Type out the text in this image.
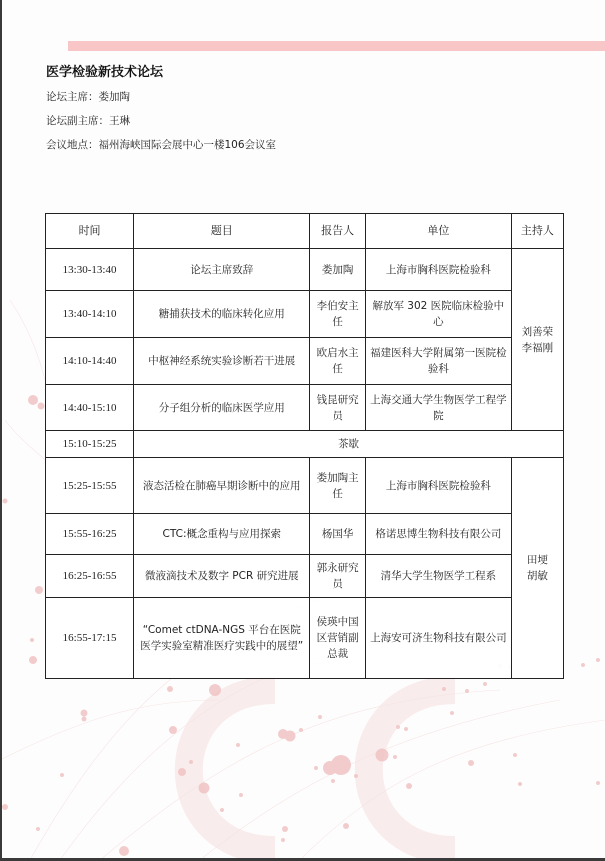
医学检验新技术论坛
论坛主席：娄加陶
论坛副主席：王琳
会议地点：福州海峡国际会展中心一楼106会议室
时间	题目	报告人	单位	主持人
13:30-13:40	论坛主席致辞	娄加陶	上海市胸科医院检验科	刘善荣 李福刚
13:40-14:10	糖捕获技术的临床转化应用	李伯安主任	解放军 302 医院临床检验中心	
14:10-14:40	中枢神经系统实验诊断若干进展	欧启水主任	福建医科大学附属第一医院检验科	
14:40-15:10	分子组分析的临床医学应用	钱昆研究员	上海交通大学生物医学工程学院	
15:10-15:25	茶歇			
15:25-15:55	液态活检在肺癌早期诊断中的应用	娄加陶主任	上海市胸科医院检验科	田埂 胡敏
15:55-16:25	CTC:概念重构与应用探索	杨国华	格诺思博生物科技有限公司	
16:25-16:55	微液滴技术及数字 PCR 研究进展	郭永研究员	清华大学生物医学工程系	
16:55-17:15	“Comet ctDNA-NGS 平台在医院医学实验室精准医疗实践中的展望”	侯瑛中国区营销副总裁	上海安可济生物科技有限公司	
